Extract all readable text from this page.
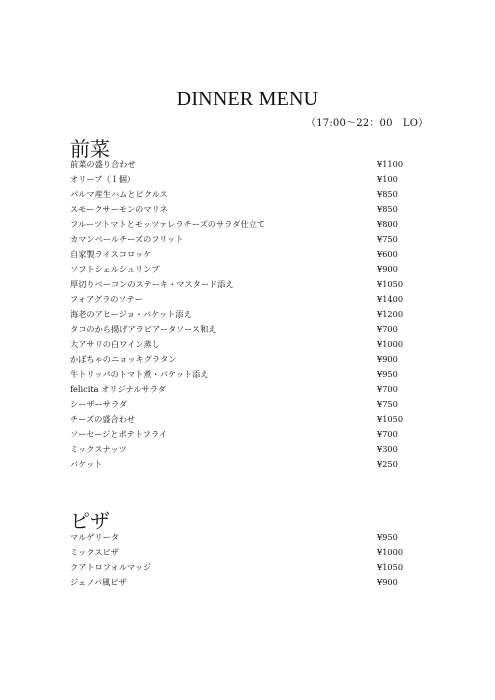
DINNER MENU
（17:00～22：00　LO）
前菜
前菜の盛り合わせ	¥1100
オリーブ（１個）	¥100
パルマ産生ハムとピクルス	¥850
スモークサーモンのマリネ	¥850
フルーツトマトとモッツァレラチーズのサラダ仕立て	¥800
カマンベールチーズのフリット	¥750
自家製ライスコロッケ	¥600
ソフトシェルシュリンプ	¥900
厚切りベーコンのステーキ・マスタード添え	¥1050
フォアグラのソテー	¥1400
海老のアヒージョ・バケット添え	¥1200
タコのから揚げアラビアータソース和え	¥700
大アサリの白ワイン蒸し	¥1000
かぼちゃのニョッキグラタン	¥900
牛トリッパのトマト煮・バケット添え	¥950
felicita オリジナルサラダ	¥700
シーザーサラダ	¥750
チーズの盛合わせ	¥1050
ソーセージとポテトフライ	¥700
ミックスナッツ	¥300
バケット	¥250
ピザ
マルゲリータ	¥950
ミックスピザ	¥1000
クアトロフォルマッジ	¥1050
ジェノバ風ピザ	¥900
